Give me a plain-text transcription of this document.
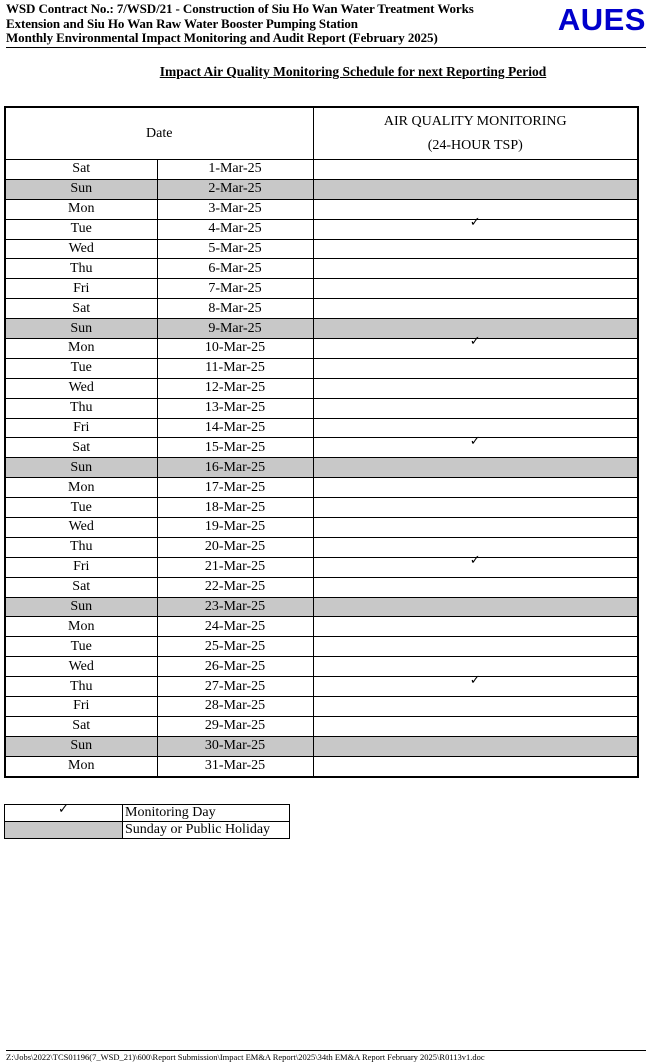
WSD Contract No.: 7/WSD/21 - Construction of Siu Ho Wan Water Treatment Works
Extension and Siu Ho Wan Raw Water Booster Pumping Station
Monthly Environmental Impact Monitoring and Audit Report (February 2025)
AUES
Impact Air Quality Monitoring Schedule for next Reporting Period
Date		AIR QUALITY MONITORING
(24-HOUR TSP)

Sat	1-Mar-25	
Sun	2-Mar-25	
Mon	3-Mar-25	
Tue	4-Mar-25	✓
Wed	5-Mar-25	
Thu	6-Mar-25	
Fri	7-Mar-25	
Sat	8-Mar-25	
Sun	9-Mar-25	
Mon	10-Mar-25	✓
Tue	11-Mar-25	
Wed	12-Mar-25	
Thu	13-Mar-25	
Fri	14-Mar-25	
Sat	15-Mar-25	✓
Sun	16-Mar-25	
Mon	17-Mar-25	
Tue	18-Mar-25	
Wed	19-Mar-25	
Thu	20-Mar-25	
Fri	21-Mar-25	✓
Sat	22-Mar-25	
Sun	23-Mar-25	
Mon	24-Mar-25	
Tue	25-Mar-25	
Wed	26-Mar-25	
Thu	27-Mar-25	✓
Fri	28-Mar-25	
Sat	29-Mar-25	
Sun	30-Mar-25	
Mon	31-Mar-25	
✓	Monitoring Day
	Sunday or Public Holiday
Z:\Jobs\2022\TCS01196(7_WSD_21)\600\Report Submission\Impact EM&A Report\2025\34th EM&A Report February 2025\R0113v1.doc
